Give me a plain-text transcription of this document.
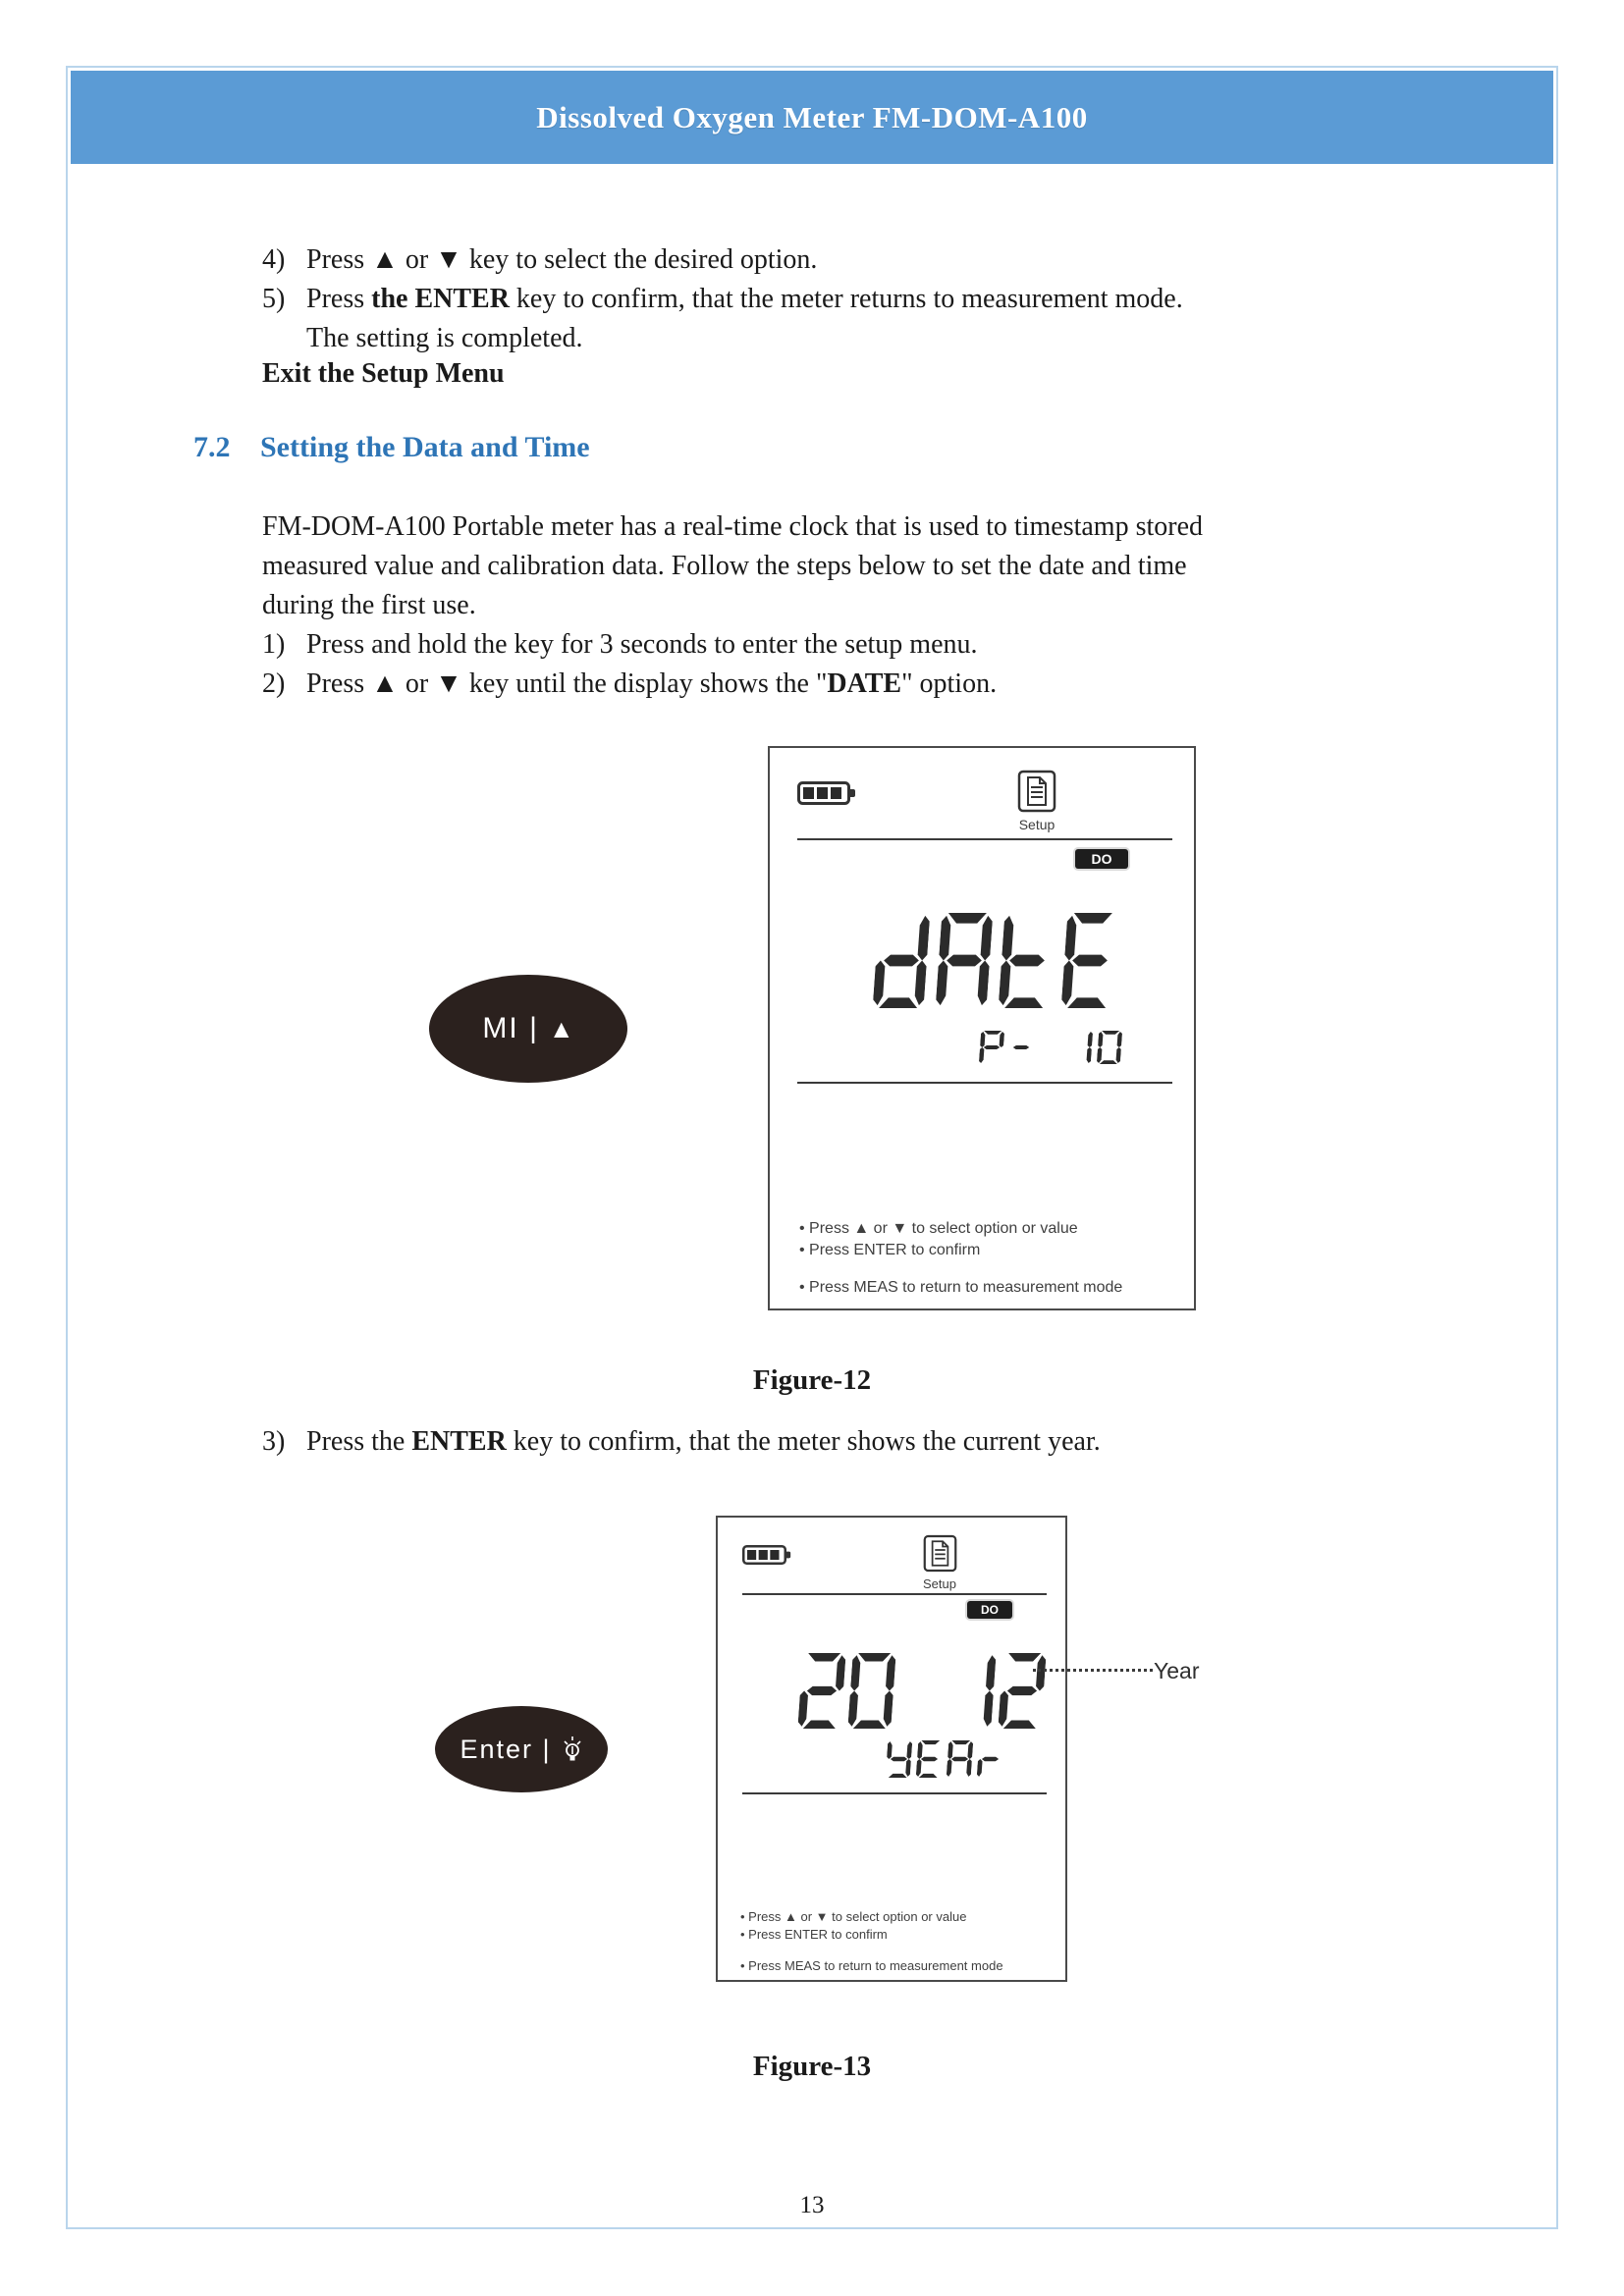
Dissolved Oxygen Meter FM-DOM-A100
4) Press ▲ or ▼ key to select the desired option.
5) Press the ENTER key to confirm, that the meter returns to measurement mode.
The setting is completed.
Exit the Setup Menu
7.2 Setting the Data and Time
FM-DOM-A100 Portable meter has a real-time clock that is used to timestamp stored
measured value and calibration data. Follow the steps below to set the date and time
during the first use.
1) Press and hold the key for 3 seconds to enter the setup menu.
2) Press ▲ or ▼ key until the display shows the "DATE" option.
Setup
DO
• Press ▲ or ▼ to select option or value
• Press ENTER to confirm
• Press MEAS to return to measurement mode
MI | ▲
Figure-12
3) Press the ENTER key to confirm, that the meter shows the current year.
Setup
DO
• Press ▲ or ▼ to select option or value
• Press ENTER to confirm
• Press MEAS to return to measurement mode
Year
Enter |
Figure-13
13
